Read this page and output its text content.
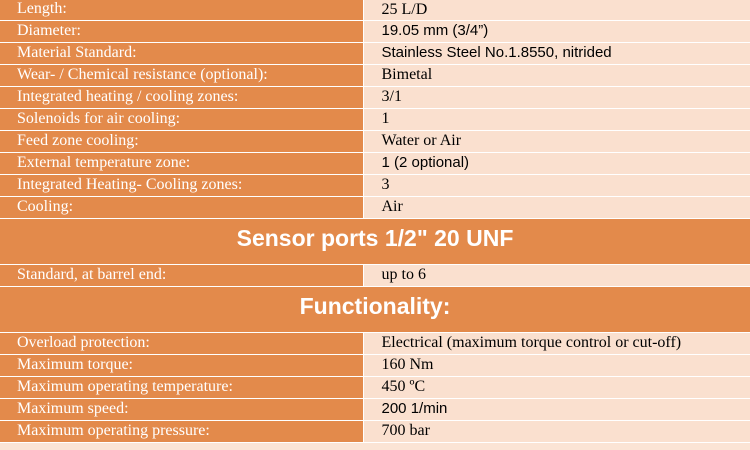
Length:	25 L/D
Diameter:	19.05 mm (3/4”)
Material Standard:	Stainless Steel No.1.8550, nitrided
Wear- / Chemical resistance (optional):	Bimetal
Integrated heating / cooling zones:	3/1
Solenoids for air cooling:	1
Feed zone cooling:	Water or Air
External temperature zone:	1 (2 optional)
Integrated Heating- Cooling zones:	3
Cooling:	Air
Sensor ports 1/2" 20 UNF	
Standard, at barrel end:	up to 6
Functionality:	
Overload protection:	Electrical (maximum torque control or cut-off)
Maximum torque:	160 Nm
Maximum operating temperature:	450 ºC
Maximum speed:	200 1/min
Maximum operating pressure:	700 bar
